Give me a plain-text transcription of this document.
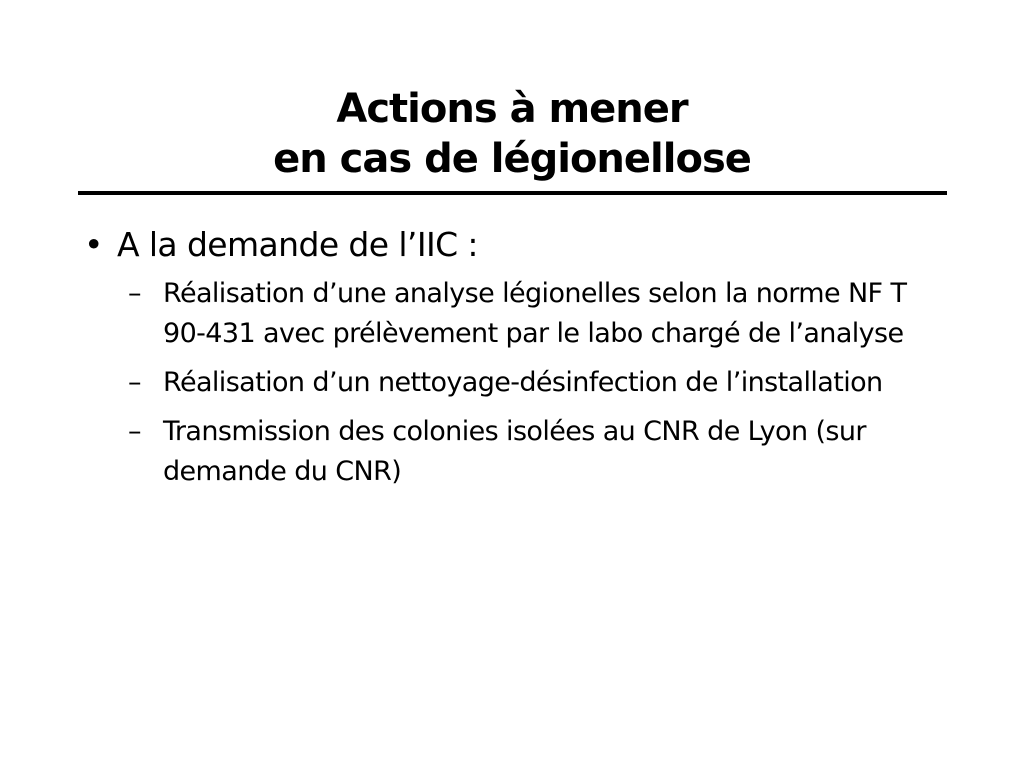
Actions à mener
en cas de légionellose
• A la demande de l’IIC :
– Réalisation d’une analyse légionelles selon la norme NF T 90-431 avec prélèvement par le labo chargé de l’analyse
– Réalisation d’un nettoyage-désinfection de l’installation
– Transmission des colonies isolées au CNR de Lyon (sur demande du CNR)
